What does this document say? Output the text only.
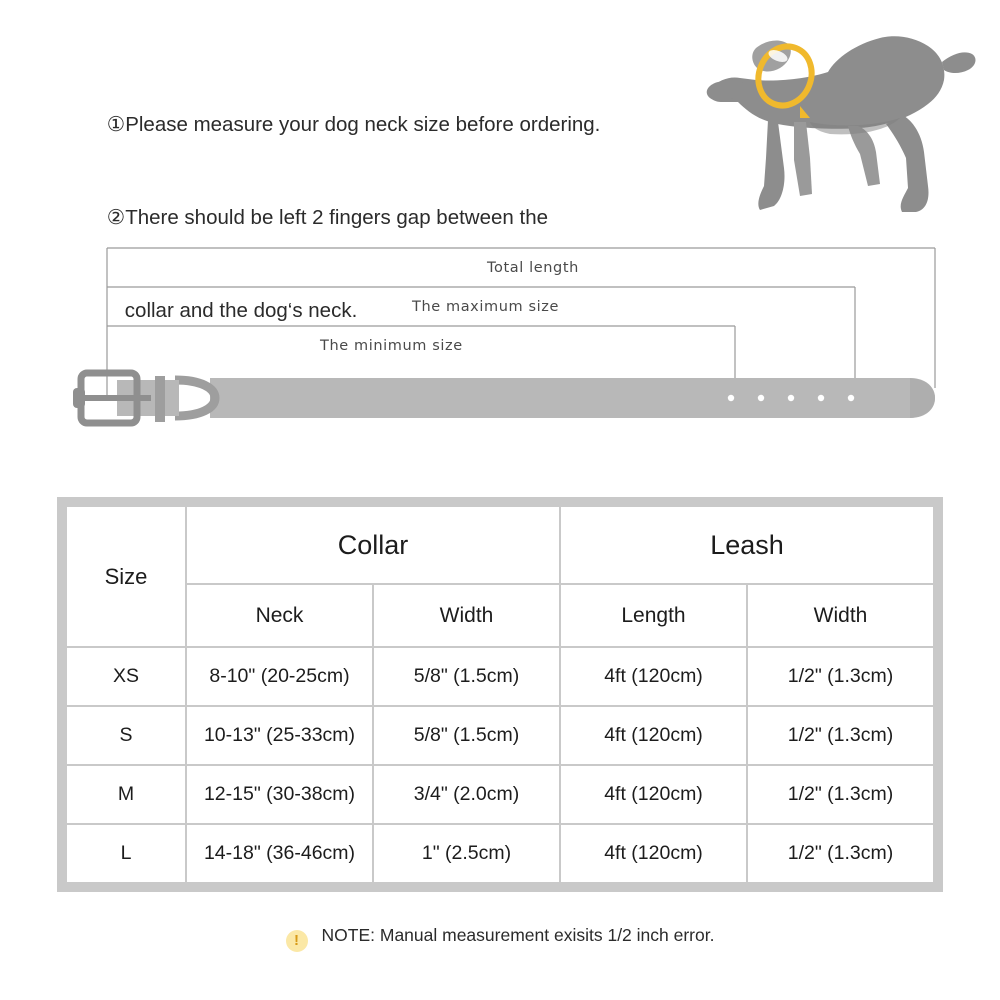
①Please measure your dog neck size before ordering.

②There should be left 2 fingers gap between the

collar and the dog‘s neck.

Total length
The maximum size
The minimum size
Size	Collar		Leash	
	Neck	Width	Length	Width
XS	8-10" (20-25cm)	5/8" (1.5cm)	4ft (120cm)	1/2" (1.3cm)
S	10-13" (25-33cm)	5/8" (1.5cm)	4ft (120cm)	1/2" (1.3cm)
M	12-15" (30-38cm)	3/4" (2.0cm)	4ft (120cm)	1/2" (1.3cm)
L	14-18" (36-46cm)	1" (2.5cm)	4ft (120cm)	1/2" (1.3cm)
! NOTE: Manual measurement exisits 1/2 inch error.
